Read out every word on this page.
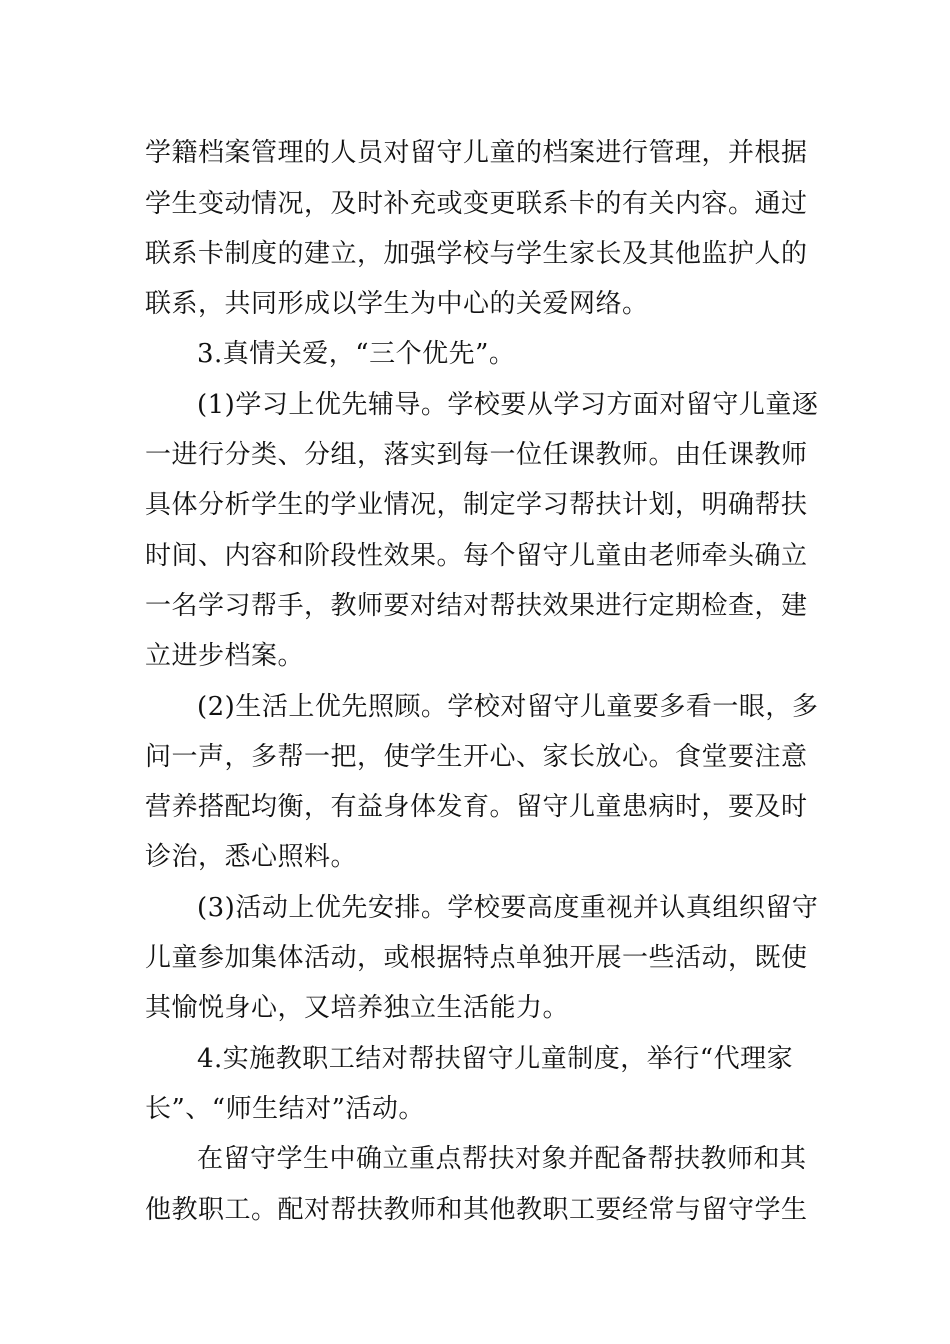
学籍档案管理的人员对留守儿童的档案进行管理，并根据
学生变动情况，及时补充或变更联系卡的有关内容。通过
联系卡制度的建立，加强学校与学生家长及其他监护人的
联系，共同形成以学生为中心的关爱网络。
3.真情关爱，“三个优先”。
(1)学习上优先辅导。学校要从学习方面对留守儿童逐
一进行分类、分组，落实到每一位任课教师。由任课教师
具体分析学生的学业情况，制定学习帮扶计划，明确帮扶
时间、内容和阶段性效果。每个留守儿童由老师牵头确立
一名学习帮手，教师要对结对帮扶效果进行定期检查，建
立进步档案。
(2)生活上优先照顾。学校对留守儿童要多看一眼，多
问一声，多帮一把，使学生开心、家长放心。食堂要注意
营养搭配均衡，有益身体发育。留守儿童患病时，要及时
诊治，悉心照料。
(3)活动上优先安排。学校要高度重视并认真组织留守
儿童参加集体活动，或根据特点单独开展一些活动，既使
其愉悦身心，又培养独立生活能力。
4.实施教职工结对帮扶留守儿童制度，举行“代理家
长”、“师生结对”活动。
在留守学生中确立重点帮扶对象并配备帮扶教师和其
他教职工。配对帮扶教师和其他教职工要经常与留守学生
